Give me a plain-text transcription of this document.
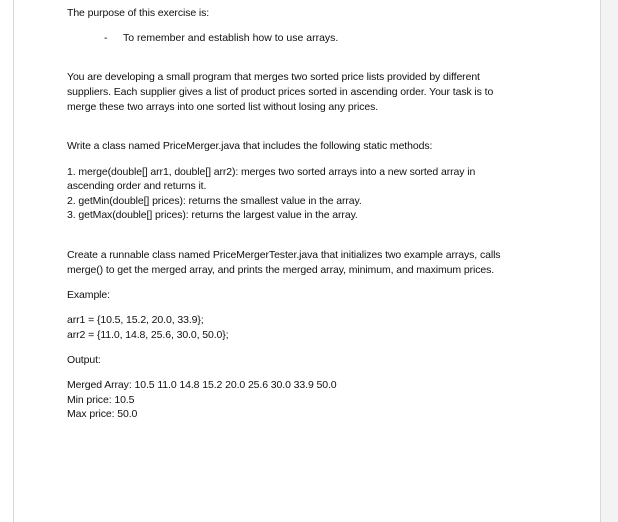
The purpose of this exercise is:
- To remember and establish how to use arrays.
You are developing a small program that merges two sorted price lists provided by different
suppliers. Each supplier gives a list of product prices sorted in ascending order. Your task is to
merge these two arrays into one sorted list without losing any prices.
Write a class named PriceMerger.java that includes the following static methods:
1. merge(double[] arr1, double[] arr2): merges two sorted arrays into a new sorted array in
ascending order and returns it.
2. getMin(double[] prices): returns the smallest value in the array.
3. getMax(double[] prices): returns the largest value in the array.
Create a runnable class named PriceMergerTester.java that initializes two example arrays, calls
merge() to get the merged array, and prints the merged array, minimum, and maximum prices.
Example:
arr1 = {10.5, 15.2, 20.0, 33.9};
arr2 = {11.0, 14.8, 25.6, 30.0, 50.0};
Output:
Merged Array: 10.5 11.0 14.8 15.2 20.0 25.6 30.0 33.9 50.0
Min price: 10.5
Max price: 50.0
